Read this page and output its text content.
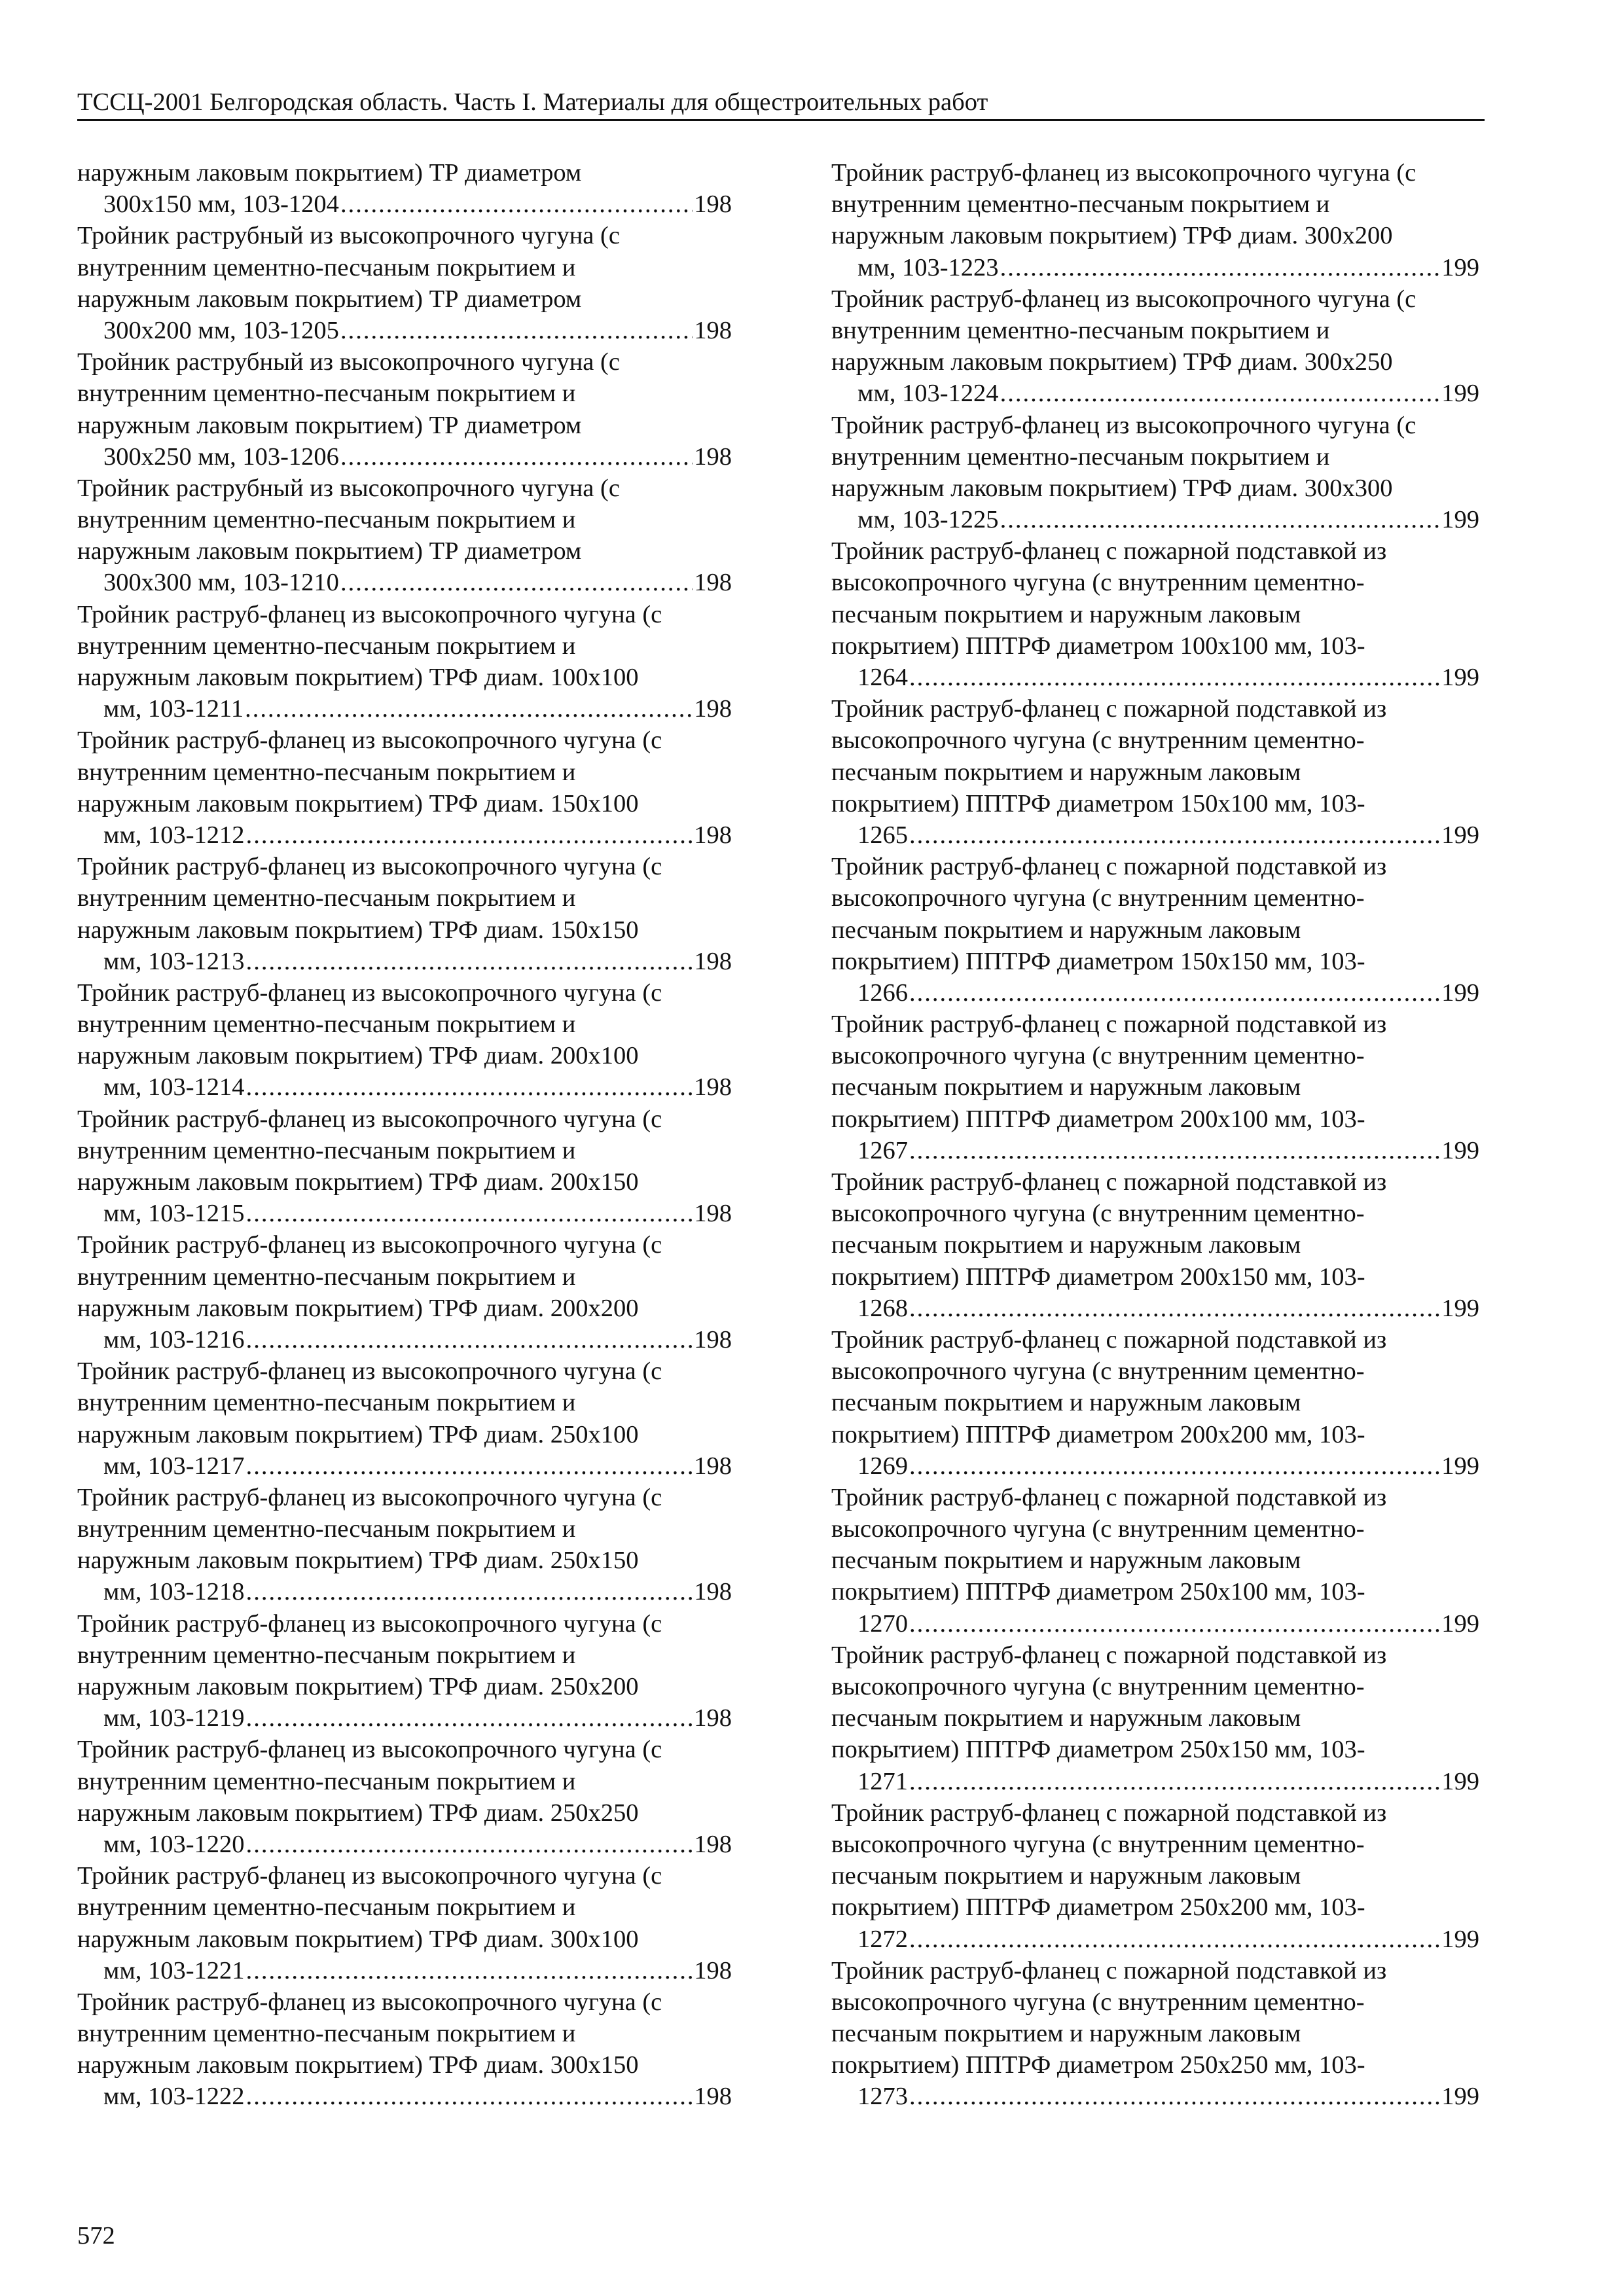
ТССЦ-2001 Белгородская область. Часть I. Материалы для общестроительных работ
наружным лаковым покрытием) ТР диаметром
300х150 мм, 103-1204 .....	198
Тройник раструбный из высокопрочного чугуна (с
внутренним цементно-песчаным покрытием и
наружным лаковым покрытием) ТР диаметром
300х200 мм, 103-1205 .....	198
Тройник раструбный из высокопрочного чугуна (с
внутренним цементно-песчаным покрытием и
наружным лаковым покрытием) ТР диаметром
300х250 мм, 103-1206 .....	198
Тройник раструбный из высокопрочного чугуна (с
внутренним цементно-песчаным покрытием и
наружным лаковым покрытием) ТР диаметром
300х300 мм, 103-1210 .....	198
Тройник раструб-фланец из высокопрочного чугуна (с
внутренним цементно-песчаным покрытием и
наружным лаковым покрытием) ТРФ диам. 100х100
мм, 103-1211 .....	198
Тройник раструб-фланец из высокопрочного чугуна (с
внутренним цементно-песчаным покрытием и
наружным лаковым покрытием) ТРФ диам. 150х100
мм, 103-1212 .....	198
Тройник раструб-фланец из высокопрочного чугуна (с
внутренним цементно-песчаным покрытием и
наружным лаковым покрытием) ТРФ диам. 150х150
мм, 103-1213 .....	198
Тройник раструб-фланец из высокопрочного чугуна (с
внутренним цементно-песчаным покрытием и
наружным лаковым покрытием) ТРФ диам. 200х100
мм, 103-1214 .....	198
Тройник раструб-фланец из высокопрочного чугуна (с
внутренним цементно-песчаным покрытием и
наружным лаковым покрытием) ТРФ диам. 200х150
мм, 103-1215 .....	198
Тройник раструб-фланец из высокопрочного чугуна (с
внутренним цементно-песчаным покрытием и
наружным лаковым покрытием) ТРФ диам. 200х200
мм, 103-1216 .....	198
Тройник раструб-фланец из высокопрочного чугуна (с
внутренним цементно-песчаным покрытием и
наружным лаковым покрытием) ТРФ диам. 250х100
мм, 103-1217 .....	198
Тройник раструб-фланец из высокопрочного чугуна (с
внутренним цементно-песчаным покрытием и
наружным лаковым покрытием) ТРФ диам. 250х150
мм, 103-1218 .....	198
Тройник раструб-фланец из высокопрочного чугуна (с
внутренним цементно-песчаным покрытием и
наружным лаковым покрытием) ТРФ диам. 250х200
мм, 103-1219 .....	198
Тройник раструб-фланец из высокопрочного чугуна (с
внутренним цементно-песчаным покрытием и
наружным лаковым покрытием) ТРФ диам. 250х250
мм, 103-1220 .....	198
Тройник раструб-фланец из высокопрочного чугуна (с
внутренним цементно-песчаным покрытием и
наружным лаковым покрытием) ТРФ диам. 300х100
мм, 103-1221 .....	198
Тройник раструб-фланец из высокопрочного чугуна (с
внутренним цементно-песчаным покрытием и
наружным лаковым покрытием) ТРФ диам. 300х150
мм, 103-1222 .....	198
Тройник раструб-фланец из высокопрочного чугуна (с
внутренним цементно-песчаным покрытием и
наружным лаковым покрытием) ТРФ диам. 300х200
мм, 103-1223 .....	199
Тройник раструб-фланец из высокопрочного чугуна (с
внутренним цементно-песчаным покрытием и
наружным лаковым покрытием) ТРФ диам. 300х250
мм, 103-1224 .....	199
Тройник раструб-фланец из высокопрочного чугуна (с
внутренним цементно-песчаным покрытием и
наружным лаковым покрытием) ТРФ диам. 300х300
мм, 103-1225 .....	199
Тройник раструб-фланец с пожарной подставкой из
высокопрочного чугуна (с внутренним цементно-
песчаным покрытием и наружным лаковым
покрытием) ППТРФ диаметром 100х100 мм, 103-
1264 .....	199
Тройник раструб-фланец с пожарной подставкой из
высокопрочного чугуна (с внутренним цементно-
песчаным покрытием и наружным лаковым
покрытием) ППТРФ диаметром 150х100 мм, 103-
1265 .....	199
Тройник раструб-фланец с пожарной подставкой из
высокопрочного чугуна (с внутренним цементно-
песчаным покрытием и наружным лаковым
покрытием) ППТРФ диаметром 150х150 мм, 103-
1266 .....	199
Тройник раструб-фланец с пожарной подставкой из
высокопрочного чугуна (с внутренним цементно-
песчаным покрытием и наружным лаковым
покрытием) ППТРФ диаметром 200х100 мм, 103-
1267 .....	199
Тройник раструб-фланец с пожарной подставкой из
высокопрочного чугуна (с внутренним цементно-
песчаным покрытием и наружным лаковым
покрытием) ППТРФ диаметром 200х150 мм, 103-
1268 .....	199
Тройник раструб-фланец с пожарной подставкой из
высокопрочного чугуна (с внутренним цементно-
песчаным покрытием и наружным лаковым
покрытием) ППТРФ диаметром 200х200 мм, 103-
1269 .....	199
Тройник раструб-фланец с пожарной подставкой из
высокопрочного чугуна (с внутренним цементно-
песчаным покрытием и наружным лаковым
покрытием) ППТРФ диаметром 250х100 мм, 103-
1270 .....	199
Тройник раструб-фланец с пожарной подставкой из
высокопрочного чугуна (с внутренним цементно-
песчаным покрытием и наружным лаковым
покрытием) ППТРФ диаметром 250х150 мм, 103-
1271 .....	199
Тройник раструб-фланец с пожарной подставкой из
высокопрочного чугуна (с внутренним цементно-
песчаным покрытием и наружным лаковым
покрытием) ППТРФ диаметром 250х200 мм, 103-
1272 .....	199
Тройник раструб-фланец с пожарной подставкой из
высокопрочного чугуна (с внутренним цементно-
песчаным покрытием и наружным лаковым
покрытием) ППТРФ диаметром 250х250 мм, 103-
1273 .....	199
572
